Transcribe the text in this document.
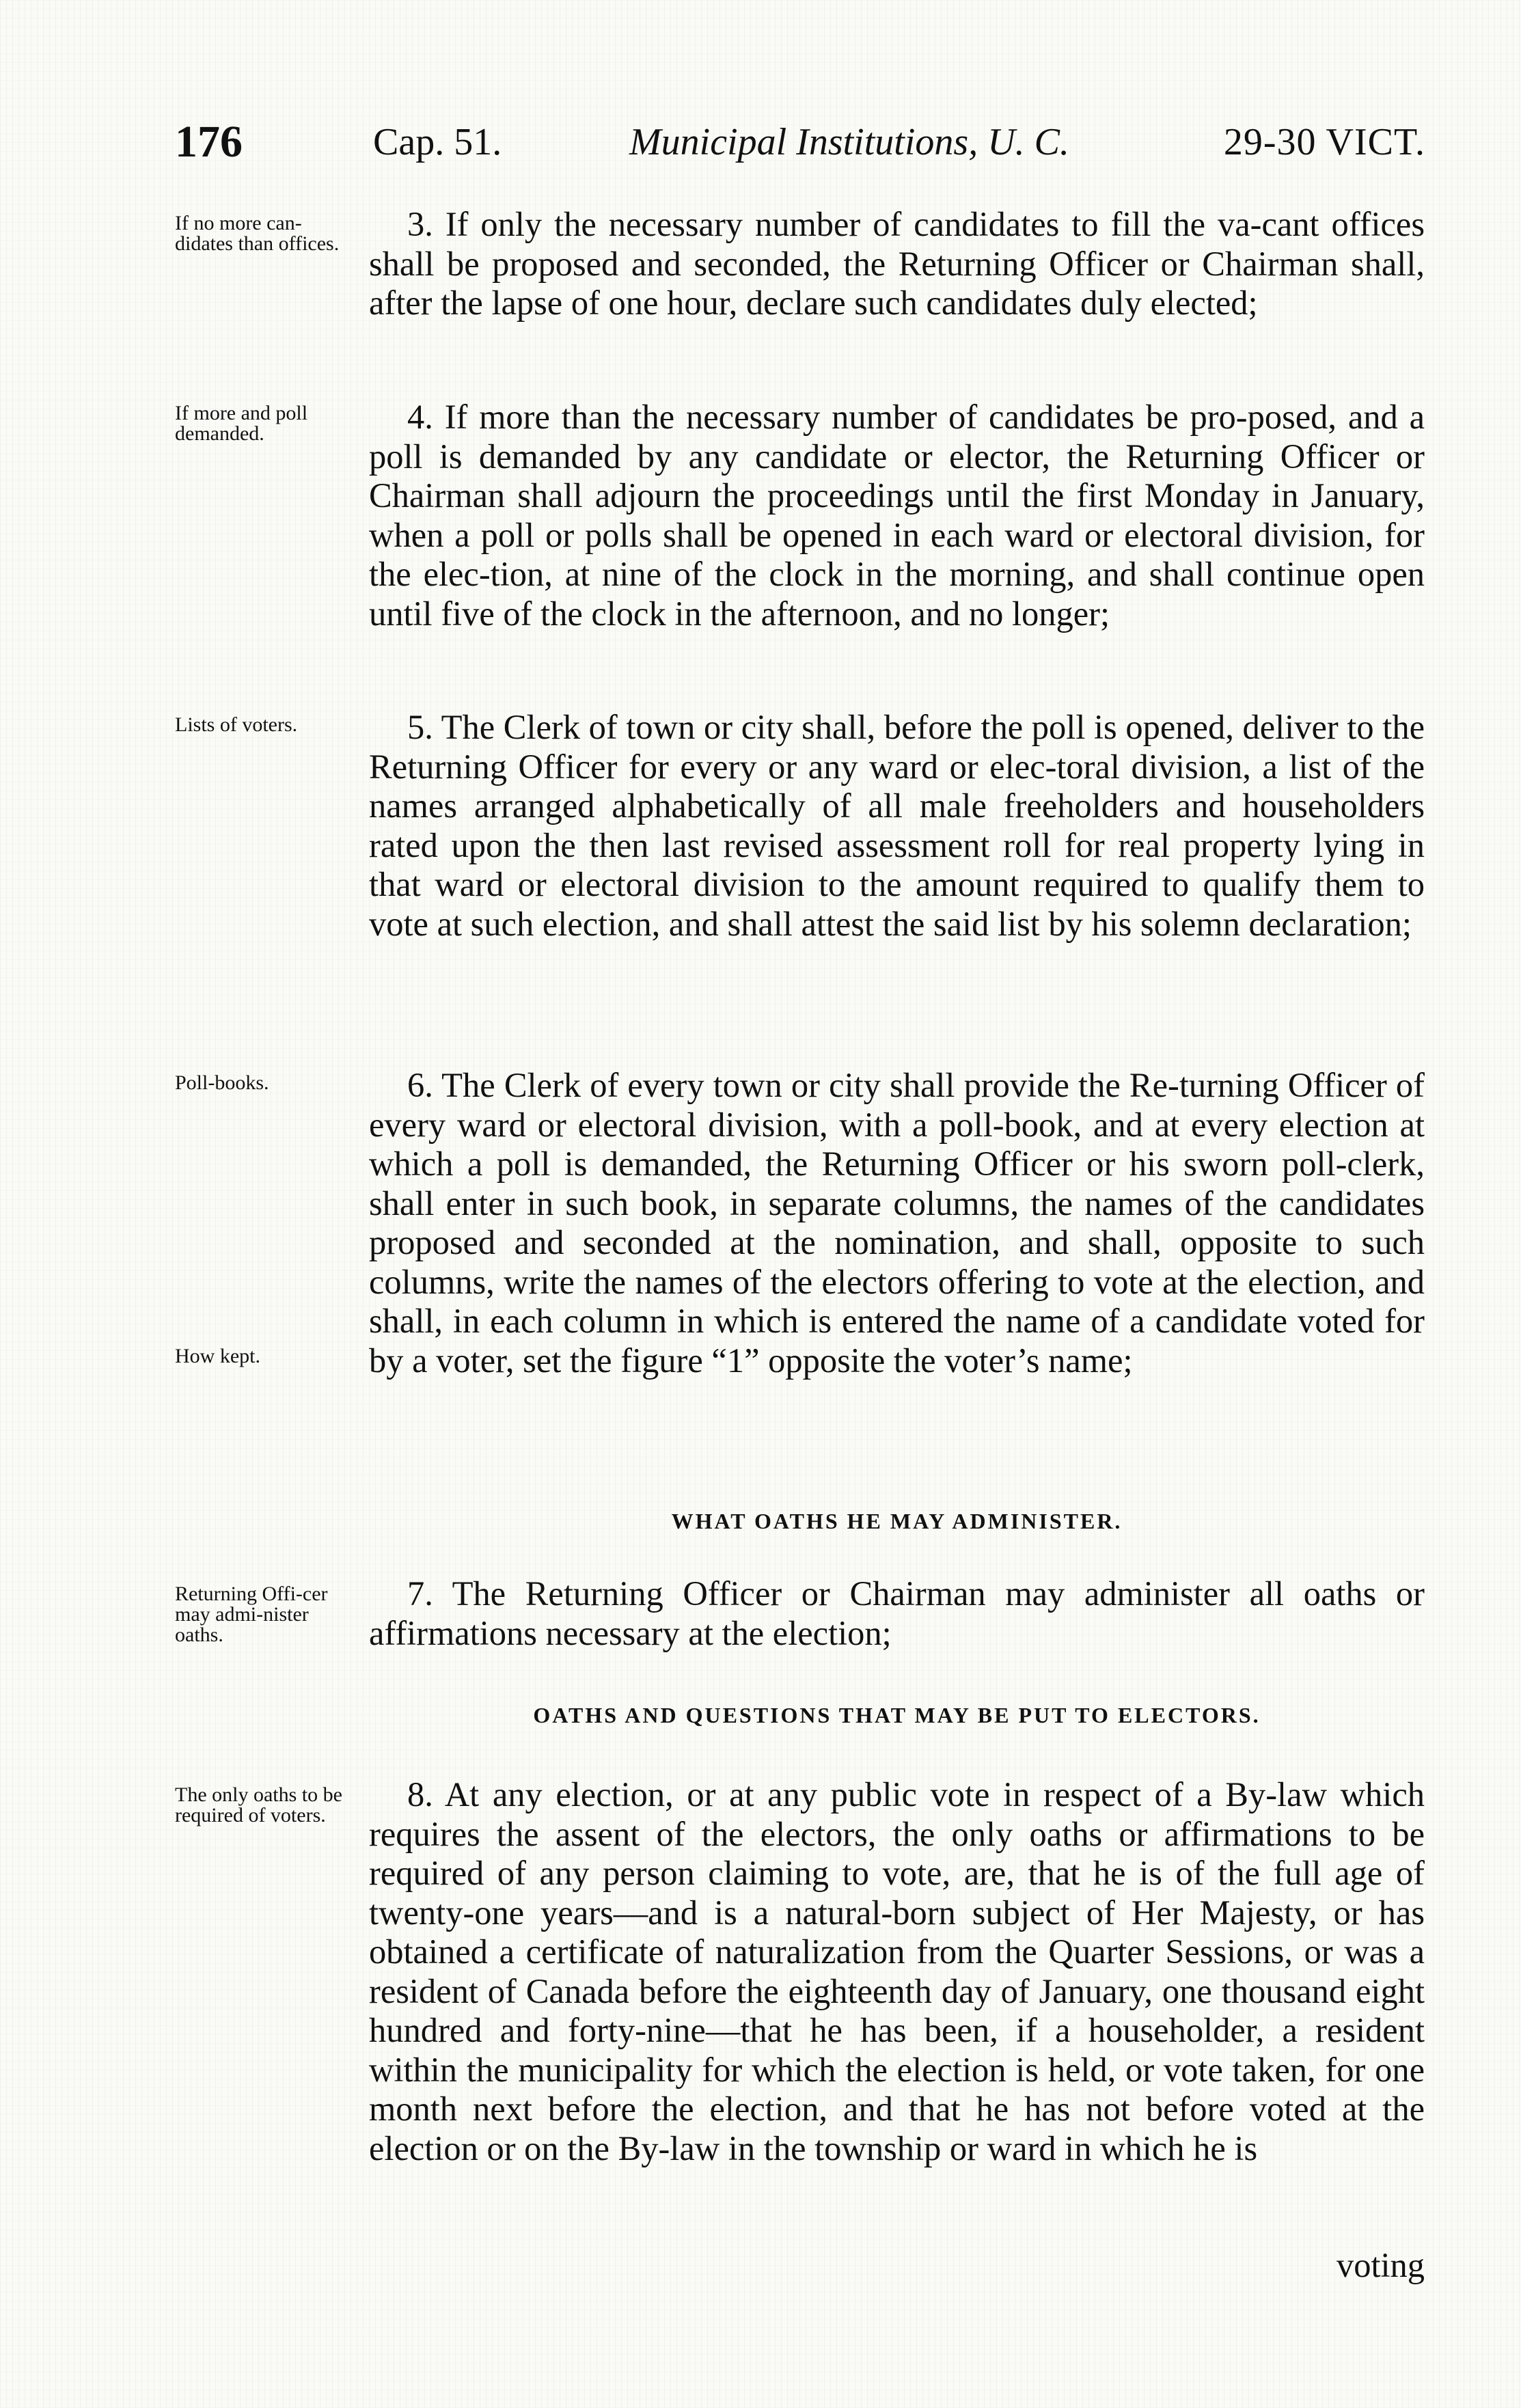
176	Cap. 51.	Municipal Institutions, U. C.	29-30 VICT.
If no more can-didates than offices.
3. If only the necessary number of candidates to fill the va-cant offices shall be proposed and seconded, the Returning Officer or Chairman shall, after the lapse of one hour, declare such candidates duly elected;
If more and poll demanded.	4. If more than the necessary number of candidates be pro-posed, and a poll is demanded by any candidate or elector, the Returning Officer or Chairman shall adjourn the proceedings until the first Monday in January, when a poll or polls shall be opened in each ward or electoral division, for the elec-tion, at nine of the clock in the morning, and shall continue open until five of the clock in the afternoon, and no longer;
Lists of voters.	5. The Clerk of town or city shall, before the poll is opened, deliver to the Returning Officer for every or any ward or elec-toral division, a list of the names arranged alphabetically of all male freeholders and householders rated upon the then last revised assessment roll for real property lying in that ward or electoral division to the amount required to qualify them to vote at such election, and shall attest the said list by his solemn declaration;
Poll-books.
How kept.
6. The Clerk of every town or city shall provide the Re-turning Officer of every ward or electoral division, with a poll-book, and at every election at which a poll is demanded, the Returning Officer or his sworn poll-clerk, shall enter in such book, in separate columns, the names of the candidates proposed and seconded at the nomination, and shall, opposite to such columns, write the names of the electors offering to vote at the election, and shall, in each column in which is entered the name of a candidate voted for by a voter, set the figure “1” opposite the voter’s name;
WHAT OATHS HE MAY ADMINISTER.
Returning Offi-cer may admi-nister oaths.
7. The Returning Officer or Chairman may administer all oaths or affirmations necessary at the election;
OATHS AND QUESTIONS THAT MAY BE PUT TO ELECTORS.
The only oaths to be required of voters.
8. At any election, or at any public vote in respect of a By-law which requires the assent of the electors, the only oaths or affirmations to be required of any person claiming to vote, are, that he is of the full age of twenty-one years—and is a natural-born subject of Her Majesty, or has obtained a certificate of naturalization from the Quarter Sessions, or was a resident of Canada before the eighteenth day of January, one thousand eight hundred and forty-nine—that he has been, if a householder, a resident within the municipality for which the election is held, or vote taken, for one month next before the election, and that he has not before voted at the election or on the By-law in the township or ward in which he is
voting
